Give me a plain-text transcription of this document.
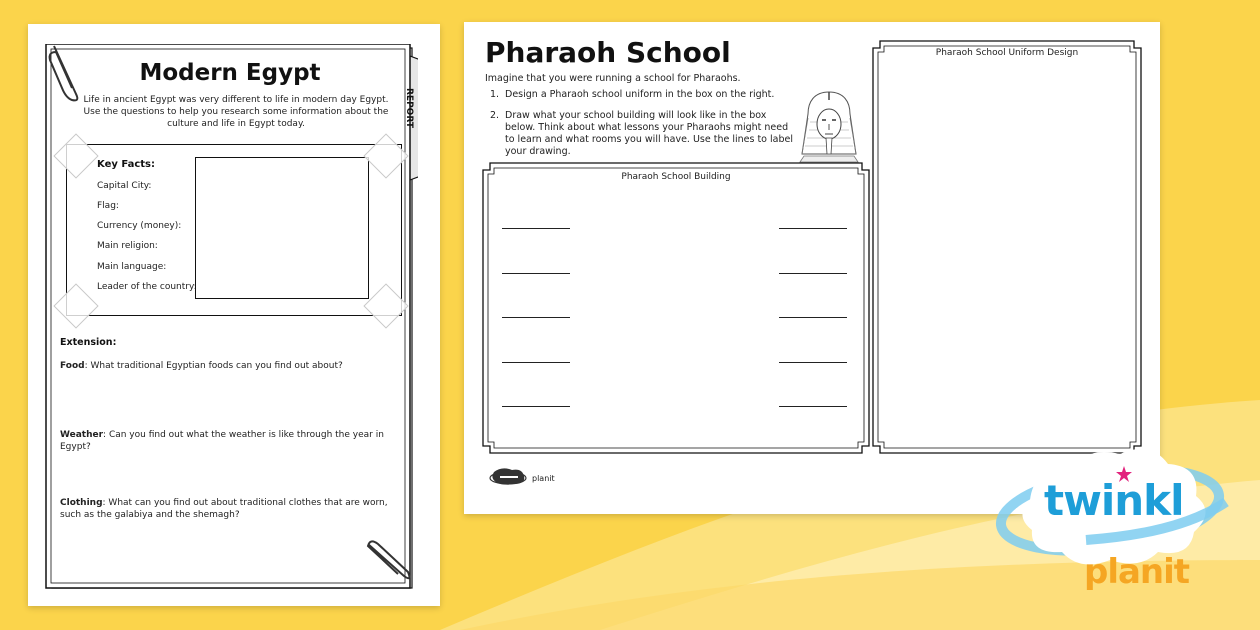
REPORT
Modern Egypt
Life in ancient Egypt was very different to life in modern day Egypt. Use the questions to help you research some information about the culture and life in Egypt today.
Key Facts:
Capital City:
Flag:
Currency (money):
Main religion:
Main language:
Leader of the country:
Extension:
Food: What traditional Egyptian foods can you find out about?
Weather: Can you find out what the weather is like through the year in Egypt?
Clothing: What can you find out about traditional clothes that are worn, such as the galabiya and the shemagh?
Pharaoh School
Imagine that you were running a school for Pharaohs.
1. Design a Pharaoh school uniform in the box on the right.
2. Draw what your school building will look like in the box
below. Think about what lessons your Pharaohs might need
to learn and what rooms you will have. Use the lines to label
your drawing.
Pharaoh School Building
Pharaoh School Uniform Design
planit	twinkl
planit
